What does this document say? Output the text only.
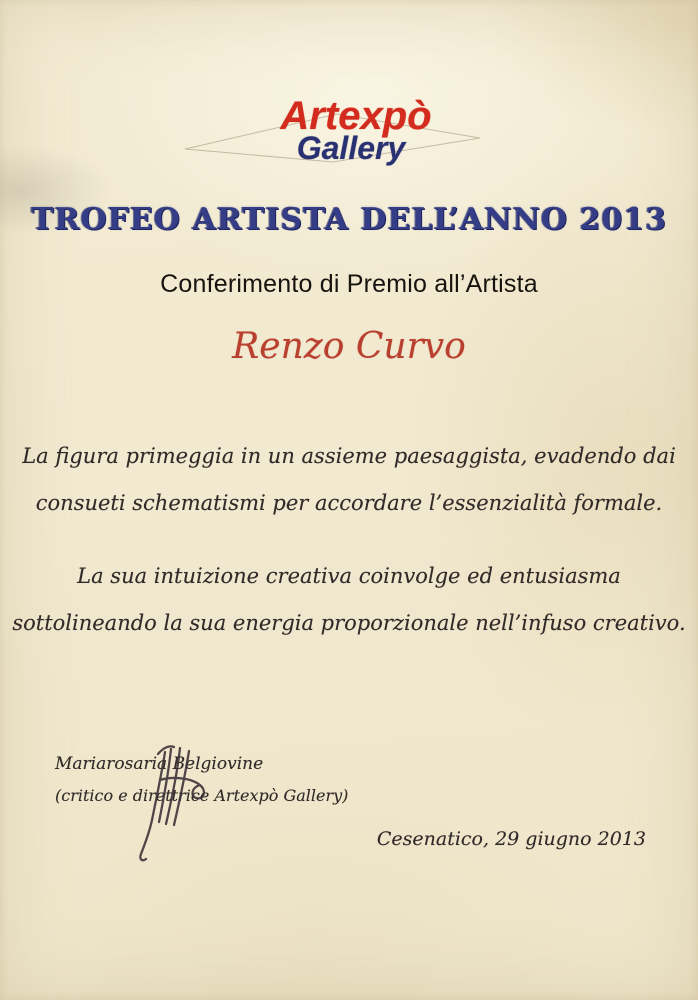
Artexpò
Gallery
TROFEO ARTISTA DELL’ANNO 2013
Conferimento di Premio all’Artista
Renzo Curvo
La figura primeggia in un assieme paesaggista, evadendo dai
consueti schematismi per accordare l’essenzialità formale.
La sua intuizione creativa coinvolge ed entusiasma
sottolineando la sua energia proporzionale nell’infuso creativo.
Mariarosaria Belgiovine
(critico e direttrice Artexpò Gallery)
Cesenatico, 29 giugno 2013
